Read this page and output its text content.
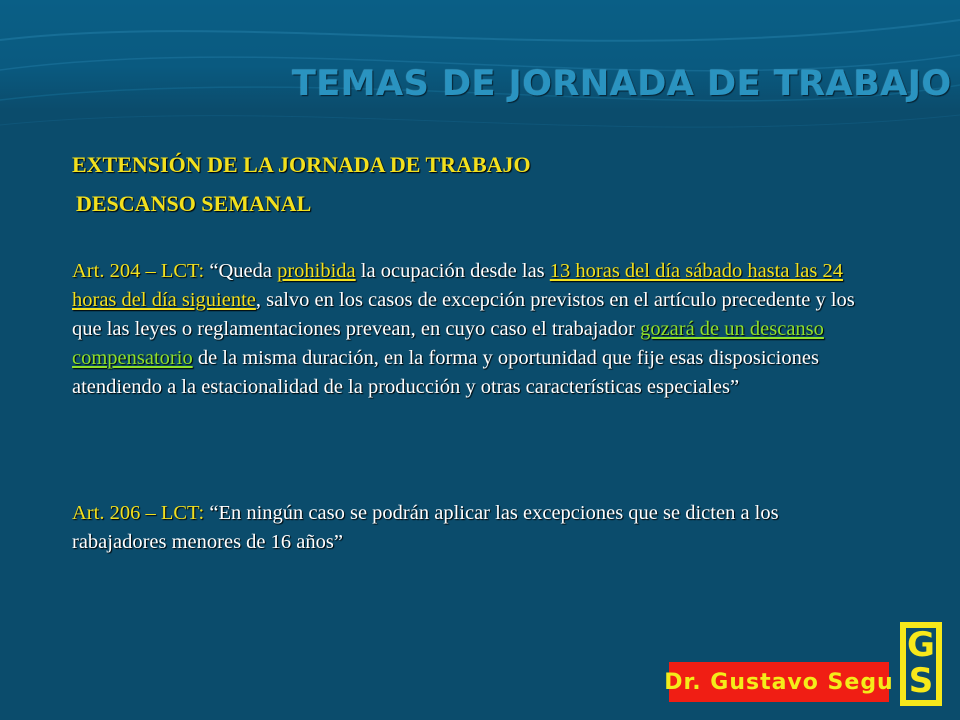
TEMAS DE JORNADA DE TRABAJO
EXTENSIÓN DE LA JORNADA DE TRABAJO
DESCANSO SEMANAL
Art. 204 – LCT: “Queda prohibida la ocupación desde las 13 horas del día sábado hasta las 24 horas del día siguiente, salvo en los casos de excepción previstos en el artículo precedente y los que las leyes o reglamentaciones prevean, en cuyo caso el trabajador gozará de un descanso compensatorio de la misma duración, en la forma y oportunidad que fije esas disposiciones atendiendo a la estacionalidad de la producción y otras características especiales”
Art. 206 – LCT: “En ningún caso se podrán aplicar las excepciones que se dicten a los rabajadores menores de 16 años”
Dr. Gustavo Segu
G
S
